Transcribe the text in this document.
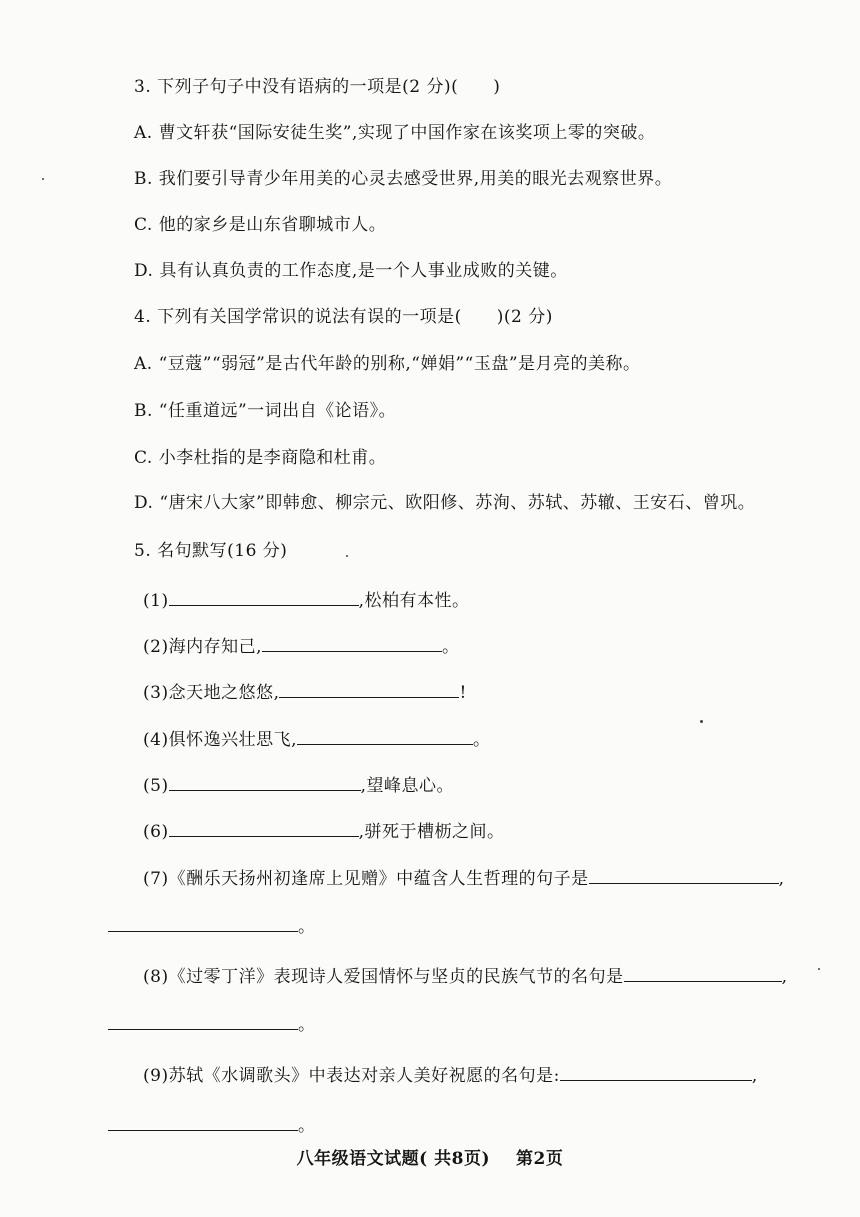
3. 下列子句子中没有语病的一项是(2 分)(　　)
A. 曹文轩获“国际安徒生奖”,实现了中国作家在该奖项上零的突破。
B. 我们要引导青少年用美的心灵去感受世界,用美的眼光去观察世界。
C. 他的家乡是山东省聊城市人。
D. 具有认真负责的工作态度,是一个人事业成败的关键。
4. 下列有关国学常识的说法有误的一项是(　　)(2 分)
A. “豆蔻”“弱冠”是古代年龄的别称,“婵娟”“玉盘”是月亮的美称。
B. “任重道远”一词出自《论语》。
C. 小李杜指的是李商隐和杜甫。
D. “唐宋八大家”即韩愈、柳宗元、欧阳修、苏洵、苏轼、苏辙、王安石、曾巩。
5. 名句默写(16 分)
(1)	,松柏有本性。
(2)海内存知己,	。
(3)念天地之悠悠,	!
(4)俱怀逸兴壮思飞,	。
(5)	,望峰息心。
(6)	,骈死于槽枥之间。
(7)《酬乐天扬州初逢席上见赠》中蕴含人生哲理的句子是	,
。
(8)《过零丁洋》表现诗人爱国情怀与坚贞的民族气节的名句是	,
。
(9)苏轼《水调歌头》中表达对亲人美好祝愿的名句是:	,
。
八年级语文试题( 共8页) 第2页
